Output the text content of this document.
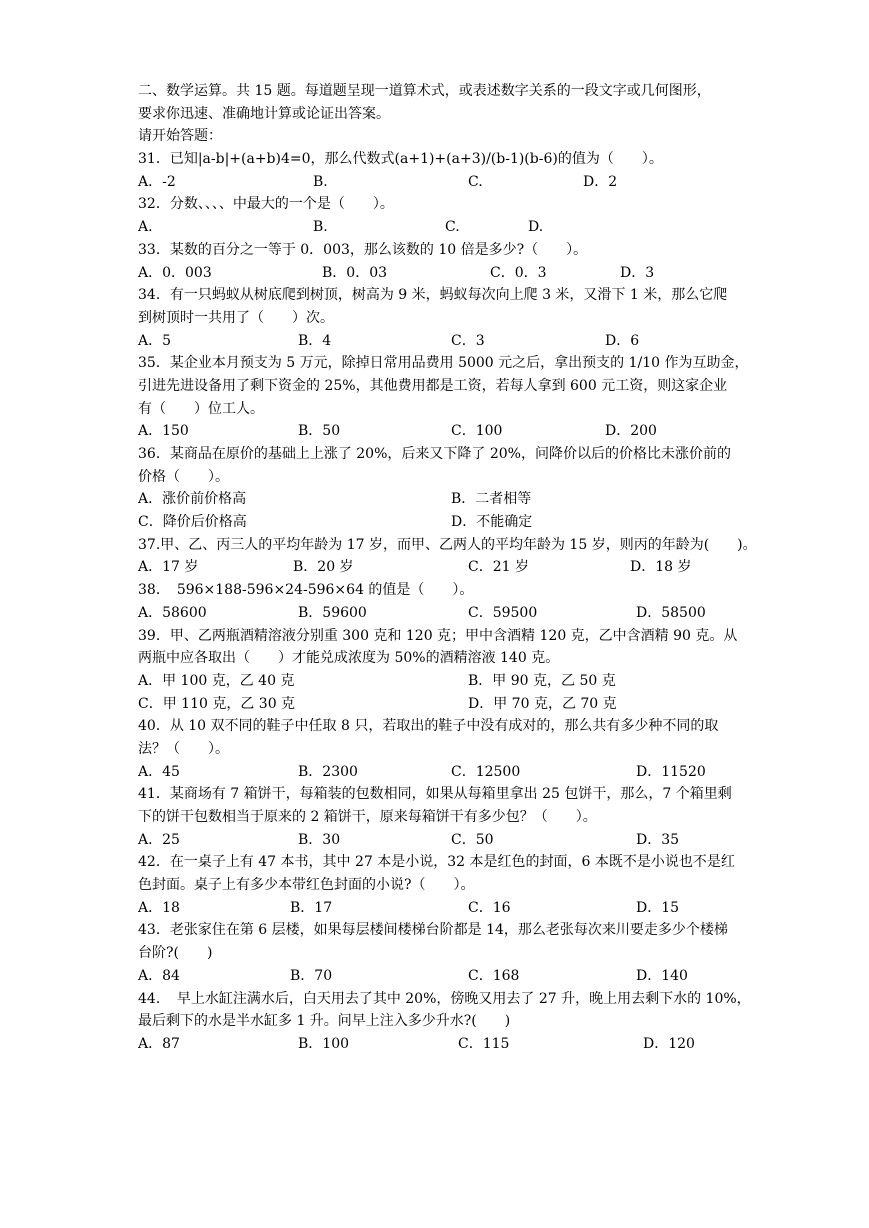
二、数学运算。共 15 题。每道题呈现一道算术式，或表述数字关系的一段文字或几何图形，
要求你迅速、准确地计算或论证出答案。
请开始答题：
31．已知|a-b|+(a+b)4=0，那么代数式(a+1)+(a+3)/(b-1)(b-6)的值为（　　）。
A．-2	B.	C.	D．2
32．分数、、、、中最大的一个是（　　）。
A.	B.	C.	D.
33．某数的百分之一等于 0．003，那么该数的 10 倍是多少?（　　）。
A．0．003	B．0．03	C．0．3	D．3
34．有一只蚂蚁从树底爬到树顶，树高为 9 米，蚂蚁每次向上爬 3 米，又滑下 1 米，那么它爬
到树顶时一共用了（　　）次。
A．5	B．4	C．3	D．6
35．某企业本月预支为 5 万元，除掉日常用品费用 5000 元之后，拿出预支的 1/10 作为互助金，
引进先进设备用了剩下资金的 25%，其他费用都是工资，若每人拿到 600 元工资，则这家企业
有（　　）位工人。
A．150	B．50	C．100	D．200
36．某商品在原价的基础上上涨了 20%，后来又下降了 20%，问降价以后的价格比未涨价前的
价格（　　）。
A．涨价前价格高	B．二者相等
C．降价后价格高	D．不能确定
37.甲、乙、丙三人的平均年龄为 17 岁，而甲、乙两人的平均年龄为 15 岁，则丙的年龄为(　　)。
A．17 岁	B．20 岁	C．21 岁	D．18 岁
38．　596×188-596×24-596×64 的值是（　　）。
A．58600	B．59600	C．59500	D．58500
39．甲、乙两瓶酒精溶液分别重 300 克和 120 克；甲中含酒精 120 克，乙中含酒精 90 克。从
两瓶中应各取出（　　）才能兑成浓度为 50%的酒精溶液 140 克。
A．甲 100 克，乙 40 克	B．甲 90 克，乙 50 克
C．甲 110 克，乙 30 克	D．甲 70 克，乙 70 克
40．从 10 双不同的鞋子中任取 8 只，若取出的鞋子中没有成对的，那么共有多少种不同的取
法？（　　）。
A．45	B．2300	C．12500	D．11520
41．某商场有 7 箱饼干，每箱装的包数相同，如果从每箱里拿出 25 包饼干，那么，7 个箱里剩
下的饼干包数相当于原来的 2 箱饼干，原来每箱饼干有多少包？（　　）。
A．25	B．30	C．50	D．35
42．在一桌子上有 47 本书，其中 27 本是小说，32 本是红色的封面，6 本既不是小说也不是红
色封面。桌子上有多少本带红色封面的小说?（　　）。
A．18	B．17	C．16	D．15
43．老张家住在第 6 层楼，如果每层楼间楼梯台阶都是 14，那么老张每次来川要走多少个楼梯
台阶?(　　)
A．84	B．70	C．168	D．140
44．　早上水缸注满水后，白天用去了其中 20%，傍晚又用去了 27 升，晚上用去剩下水的 10%，
最后剩下的水是半水缸多 1 升。问早上注入多少升水?(　　)
A．87	B．100	C．115	D．120
